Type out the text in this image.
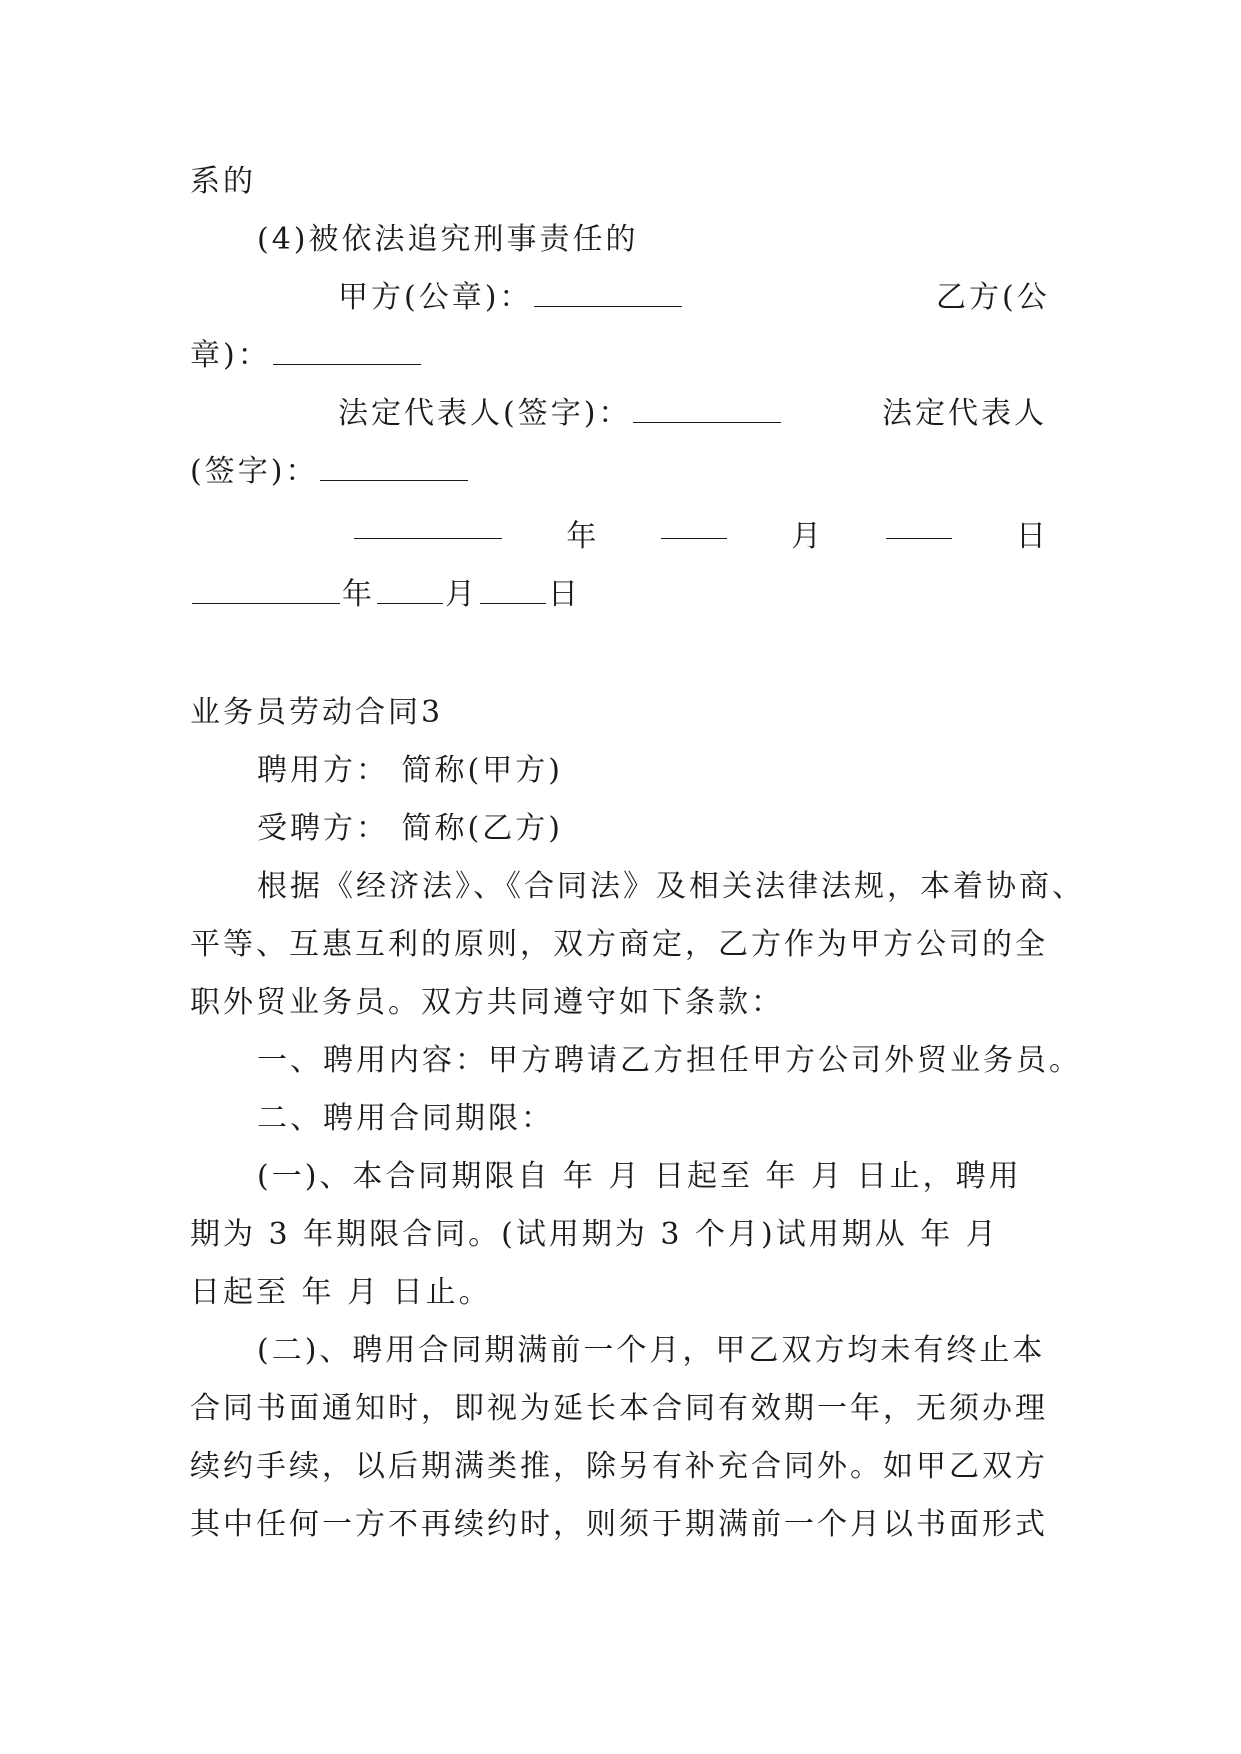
系的
(4)被依法追究刑事责任的
甲方(公章)：	乙方(公
章)：
法定代表人(签字)：	法定代表人
(签字)：
年	月	日
年 月 日
业务员劳动合同3
聘用方： 简称(甲方)
受聘方： 简称(乙方)
根据《经济法》、《合同法》及相关法律法规，本着协商、
平等、互惠互利的原则，双方商定，乙方作为甲方公司的全
职外贸业务员。双方共同遵守如下条款：
一、聘用内容：甲方聘请乙方担任甲方公司外贸业务员。
二、聘用合同期限：
(一)、本合同期限自 年 月 日起至 年 月 日止，聘用
期为 3 年期限合同。(试用期为 3 个月)试用期从 年 月
日起至 年 月 日止。
(二)、聘用合同期满前一个月，甲乙双方均未有终止本
合同书面通知时，即视为延长本合同有效期一年，无须办理
续约手续，以后期满类推，除另有补充合同外。如甲乙双方
其中任何一方不再续约时，则须于期满前一个月以书面形式
